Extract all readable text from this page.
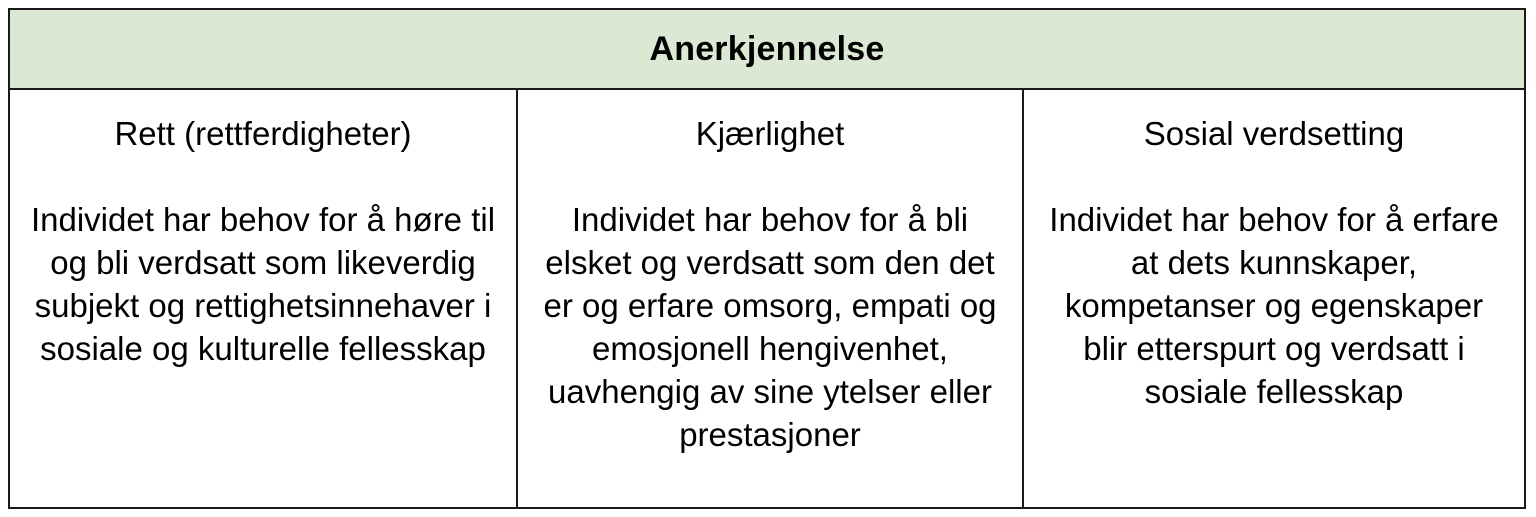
Anerkjennelse
Rett (rettferdigheter)
Individet har behov for å høre til og bli verdsatt som likeverdig subjekt og rettighetsinnehaver i sosiale og kulturelle fellesskap
Kjærlighet
Individet har behov for å bli elsket og verdsatt som den det er og erfare omsorg, empati og emosjonell hengivenhet, uavhengig av sine ytelser eller prestasjoner
Sosial verdsetting
Individet har behov for å erfare at dets kunnskaper, kompetanser og egenskaper blir etterspurt og verdsatt i sosiale fellesskap
